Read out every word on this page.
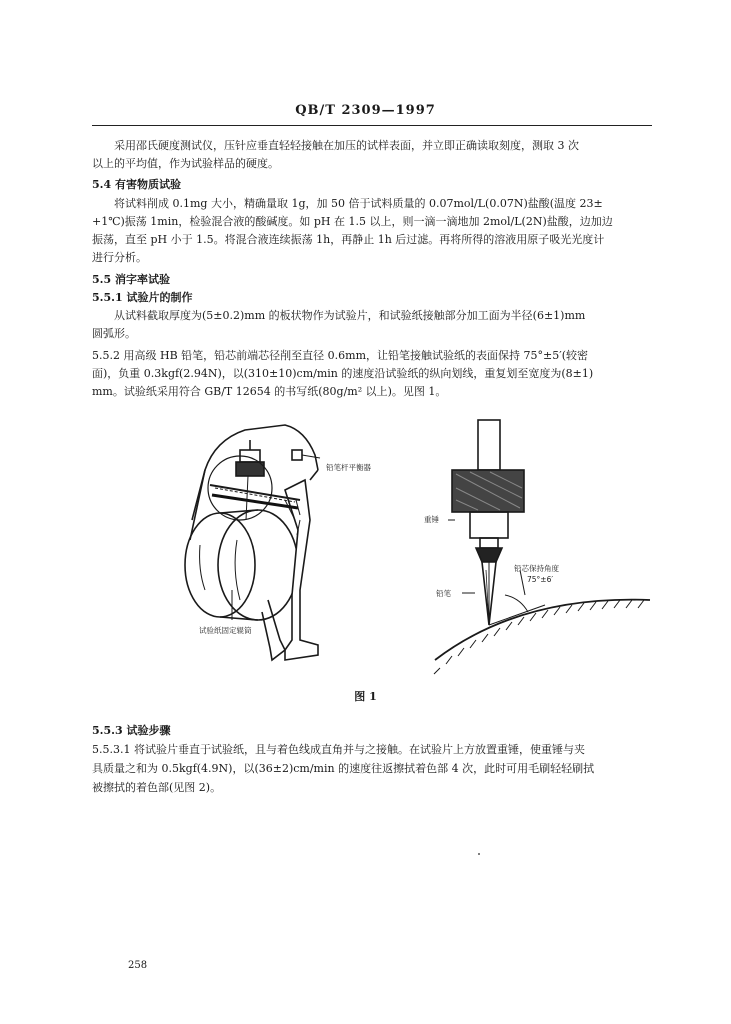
QB/T 2309—1997
采用邵氏硬度测试仪，压针应垂直轻轻接触在加压的试样表面，并立即正确读取刻度，测取 3 次
以上的平均值，作为试验样品的硬度。
5.4 有害物质试验
将试料削成 0.1mg 大小，精确量取 1g，加 50 倍于试料质量的 0.07mol/L(0.07N)盐酸(温度 23±
+1℃)振荡 1min，检验混合液的酸碱度。如 pH 在 1.5 以上，则一滴一滴地加 2mol/L(2N)盐酸，边加边
振荡，直至 pH 小于 1.5。将混合液连续振荡 1h，再静止 1h 后过滤。再将所得的溶液用原子吸光光度计
进行分析。
5.5 消字率试验
5.5.1 试验片的制作
从试料截取厚度为(5±0.2)mm 的板状物作为试验片，和试验纸接触部分加工面为半径(6±1)mm
圆弧形。
5.5.2 用高级 HB 铅笔，铅芯前端芯径削至直径 0.6mm，让铅笔接触试验纸的表面保持 75°±5′(较密
面)，负重 0.3kgf(2.94N)，以(310±10)cm/min 的速度沿试验纸的纵向划线，重复划至宽度为(8±1)
mm。试验纸采用符合 GB/T 12654 的书写纸(80g/m² 以上)。见图 1。
铅笔杆平衡器
试验纸固定辊筒
重锤
铅芯保持角度
75°±6′
铅笔
图 1
5.5.3 试验步骤
5.5.3.1 将试验片垂直于试验纸，且与着色线成直角并与之接触。在试验片上方放置重锤，使重锤与夹
具质量之和为 0.5kgf(4.9N)，以(36±2)cm/min 的速度往返擦拭着色部 4 次，此时可用毛刷轻轻刷拭
被擦拭的着色部(见图 2)。
258
